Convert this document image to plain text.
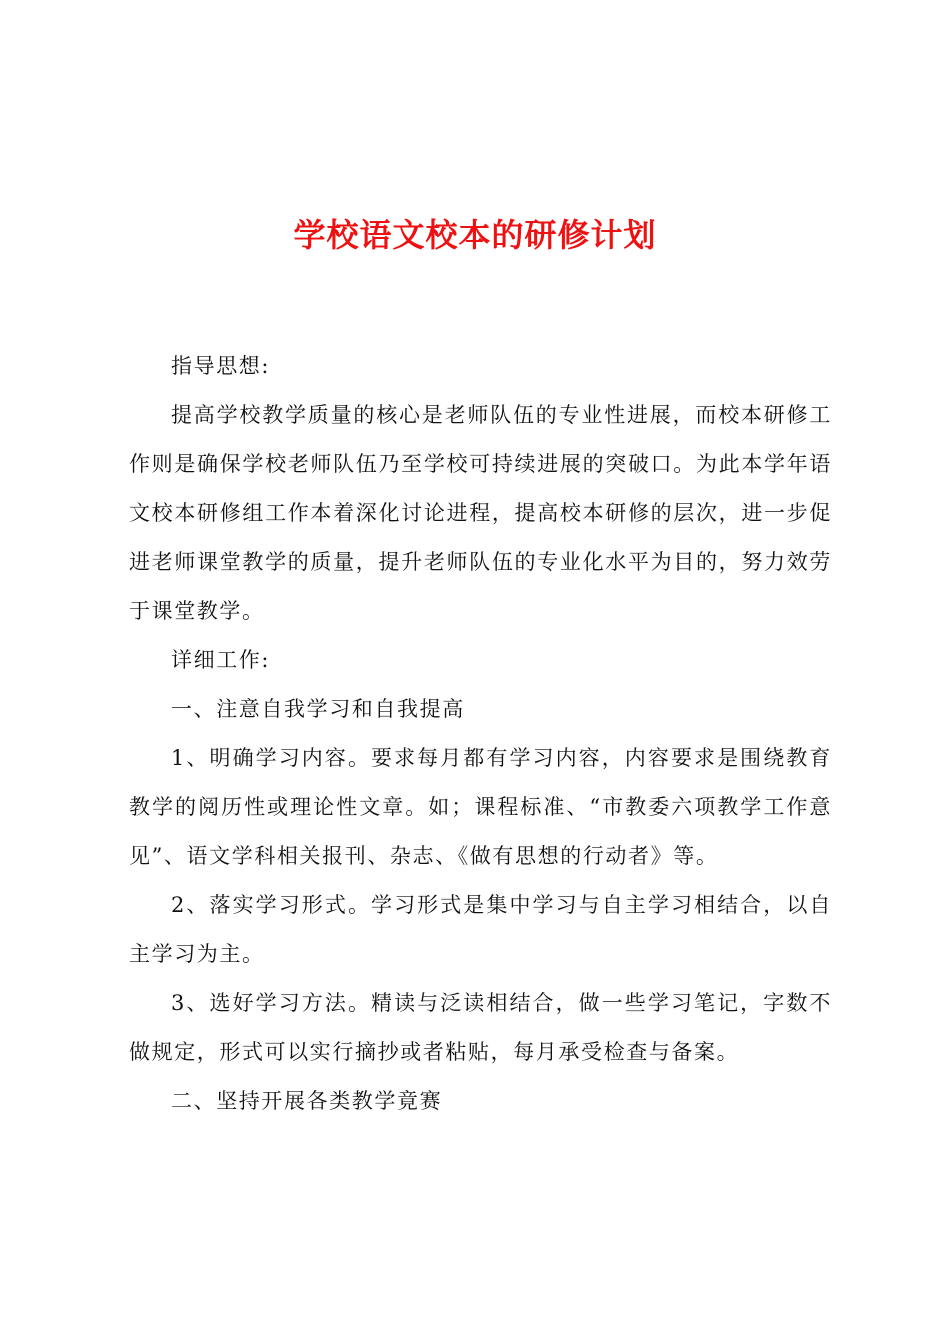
学校语文校本的研修计划

指导思想:

提高学校教学质量的核心是老师队伍的专业性进展，而校本研修工作则是确保学校老师队伍乃至学校可持续进展的突破口。为此本学年语文校本研修组工作本着深化讨论进程，提高校本研修的层次，进一步促进老师课堂教学的质量，提升老师队伍的专业化水平为目的，努力效劳于课堂教学。

详细工作:

一、注意自我学习和自我提高

1、明确学习内容。要求每月都有学习内容，内容要求是围绕教育教学的阅历性或理论性文章。如；课程标准、“市教委六项教学工作意见”、语文学科相关报刊、杂志、《做有思想的行动者》等。

2、落实学习形式。学习形式是集中学习与自主学习相结合，以自主学习为主。

3、选好学习方法。精读与泛读相结合，做一些学习笔记，字数不做规定，形式可以实行摘抄或者粘贴，每月承受检查与备案。

二、坚持开展各类教学竟赛
